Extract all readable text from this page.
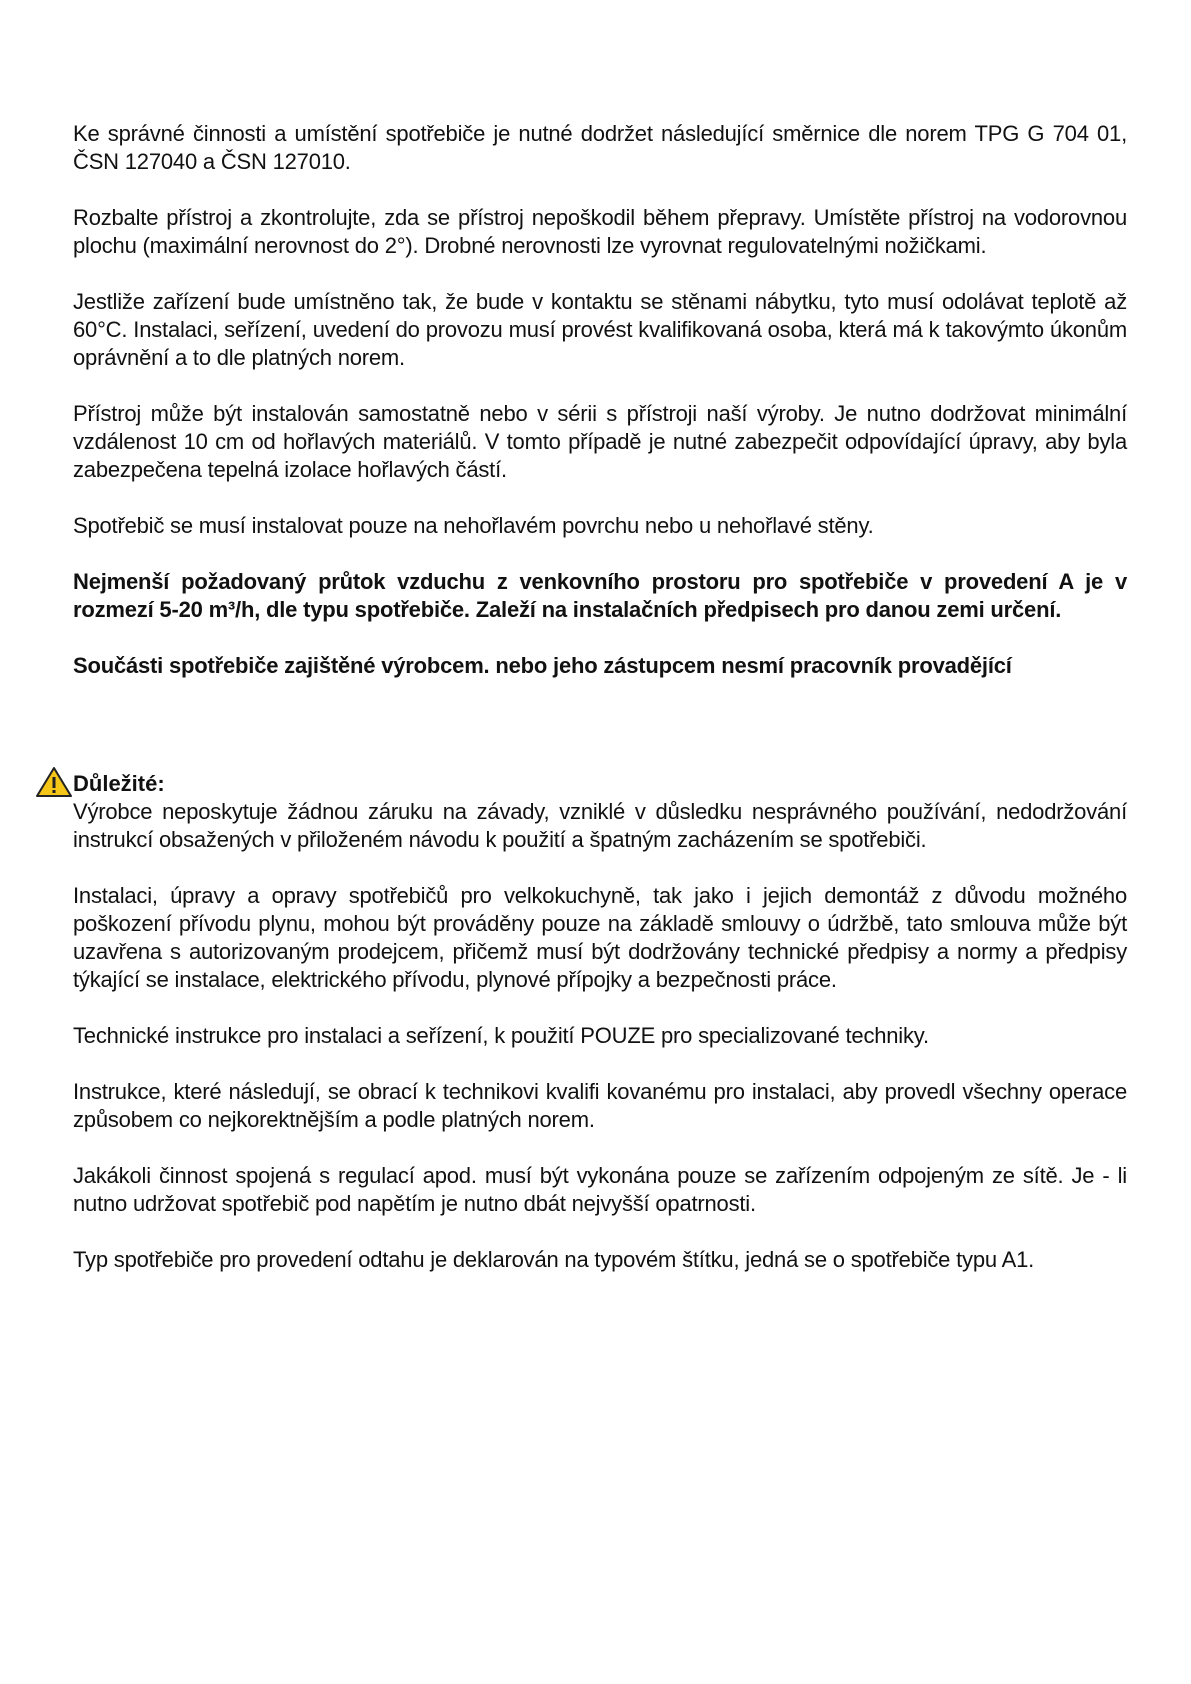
Ke správné činnosti a umístění spotřebiče je nutné dodržet následující směrnice dle norem TPG G 704 01, ČSN 127040 a ČSN 127010.

Rozbalte přístroj a zkontrolujte, zda se přístroj nepoškodil během přepravy. Umístěte přístroj na vodorovnou plochu (maximální nerovnost do 2°). Drobné nerovnosti lze vyrovnat regulovatelnými nožičkami.

Jestliže zařízení bude umístněno tak, že bude v kontaktu se stěnami nábytku, tyto musí odolávat teplotě až 60°C. Instalaci, seřízení, uvedení do provozu musí provést kvalifikovaná osoba, která má k takovýmto úkonům oprávnění a to dle platných norem.

Přístroj může být instalován samostatně nebo v sérii s přístroji naší výroby. Je nutno dodržovat minimální vzdálenost 10 cm od hořlavých materiálů. V tomto případě je nutné zabezpečit odpovídající úpravy, aby byla zabezpečena tepelná izolace hořlavých částí.

Spotřebič se musí instalovat pouze na nehořlavém povrchu nebo u nehořlavé stěny.

Nejmenší požadovaný průtok vzduchu z venkovního prostoru pro spotřebiče v provedení A je v rozmezí 5-20 m³/h, dle typu spotřebiče. Zaleží na instalačních předpisech pro danou zemi určení.

Součásti spotřebiče zajištěné výrobcem. nebo jeho zástupcem nesmí pracovník provadějící

Důležité:

Výrobce neposkytuje žádnou záruku na závady, vzniklé v důsledku nesprávného používání, nedodržování instrukcí obsažených v přiloženém návodu k použití a špatným zacházením se spotřebiči.

Instalaci, úpravy a opravy spotřebičů pro velkokuchyně, tak jako i jejich demontáž z důvodu možného poškození přívodu plynu, mohou být prováděny pouze na základě smlouvy o údržbě, tato smlouva může být uzavřena s autorizovaným prodejcem, přičemž musí být dodržovány technické předpisy a normy a předpisy týkající se instalace, elektrického přívodu, plynové přípojky a bezpečnosti práce.

Technické instrukce pro instalaci a seřízení, k použití POUZE pro specializované techniky.

Instrukce, které následují, se obrací k technikovi kvalifi kovanému pro instalaci, aby provedl všechny operace způsobem co nejkorektnějším a podle platných norem.

Jakákoli činnost spojená s regulací apod. musí být vykonána pouze se zařízením odpojeným ze sítě. Je - li nutno udržovat spotřebič pod napětím je nutno dbát nejvyšší opatrnosti.

Typ spotřebiče pro provedení odtahu je deklarován na typovém štítku, jedná se o spotřebiče typu A1.
